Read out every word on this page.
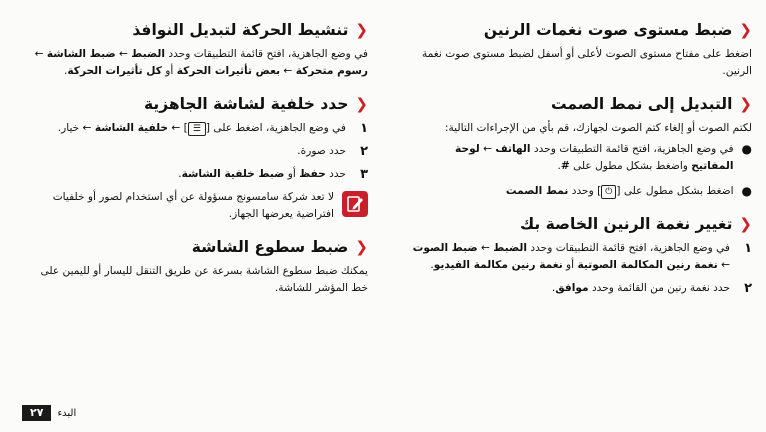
❮
ضبط مستوى صوت نغمات الرنين

اضغط على مفتاح مستوى الصوت لأعلى أو أسفل لضبط مستوى صوت نغمة الرنين.

❮
التبديل إلى نمط الصمت

لكتم الصوت أو إلغاء كتم الصوت لجهازك، قم بأي من الإجراءات التالية:

●
في وضع الجاهزية، افتح قائمة التطبيقات وحدد الهاتف ← لوحة المفاتيح واضغط بشكل مطول على #.
●
اضغط بشكل مطول على [⏻] وحدد نمط الصمت
❮
تغيير نغمة الرنين الخاصة بك
١
في وضع الجاهزية، افتح قائمة التطبيقات وحدد الضبط ← ضبط الصوت ← نغمة رنين المكالمة الصوتية أو نغمة رنين مكالمة الفيديو.
٢
حدد نغمة رنين من القائمة وحدد موافق.
❮
تنشيط الحركة لتبديل النوافذ

في وضع الجاهزية، افتح قائمة التطبيقات وحدد الضبط ← ضبط الشاشة ← رسوم متحركة ← بعض تأثيرات الحركة أو كل تأثيرات الحركة.

❮
حدد خلفية لشاشة الجاهزية
١
في وضع الجاهزية، اضغط على [☰] ← خلفية الشاشة ← خيار.
٢
حدد صورة.
٣
حدد حفظ أو ضبط خلفية الشاشة.
لا تعد شركة سامسونج مسؤولة عن أي استخدام لصور أو خلفيات افتراضية يعرضها الجهاز.
❮
ضبط سطوع الشاشة

يمكنك ضبط سطوع الشاشة بسرعة عن طريق التنقل لليسار أو لليمين على خط المؤشر للشاشة.

٢٧	البدء
